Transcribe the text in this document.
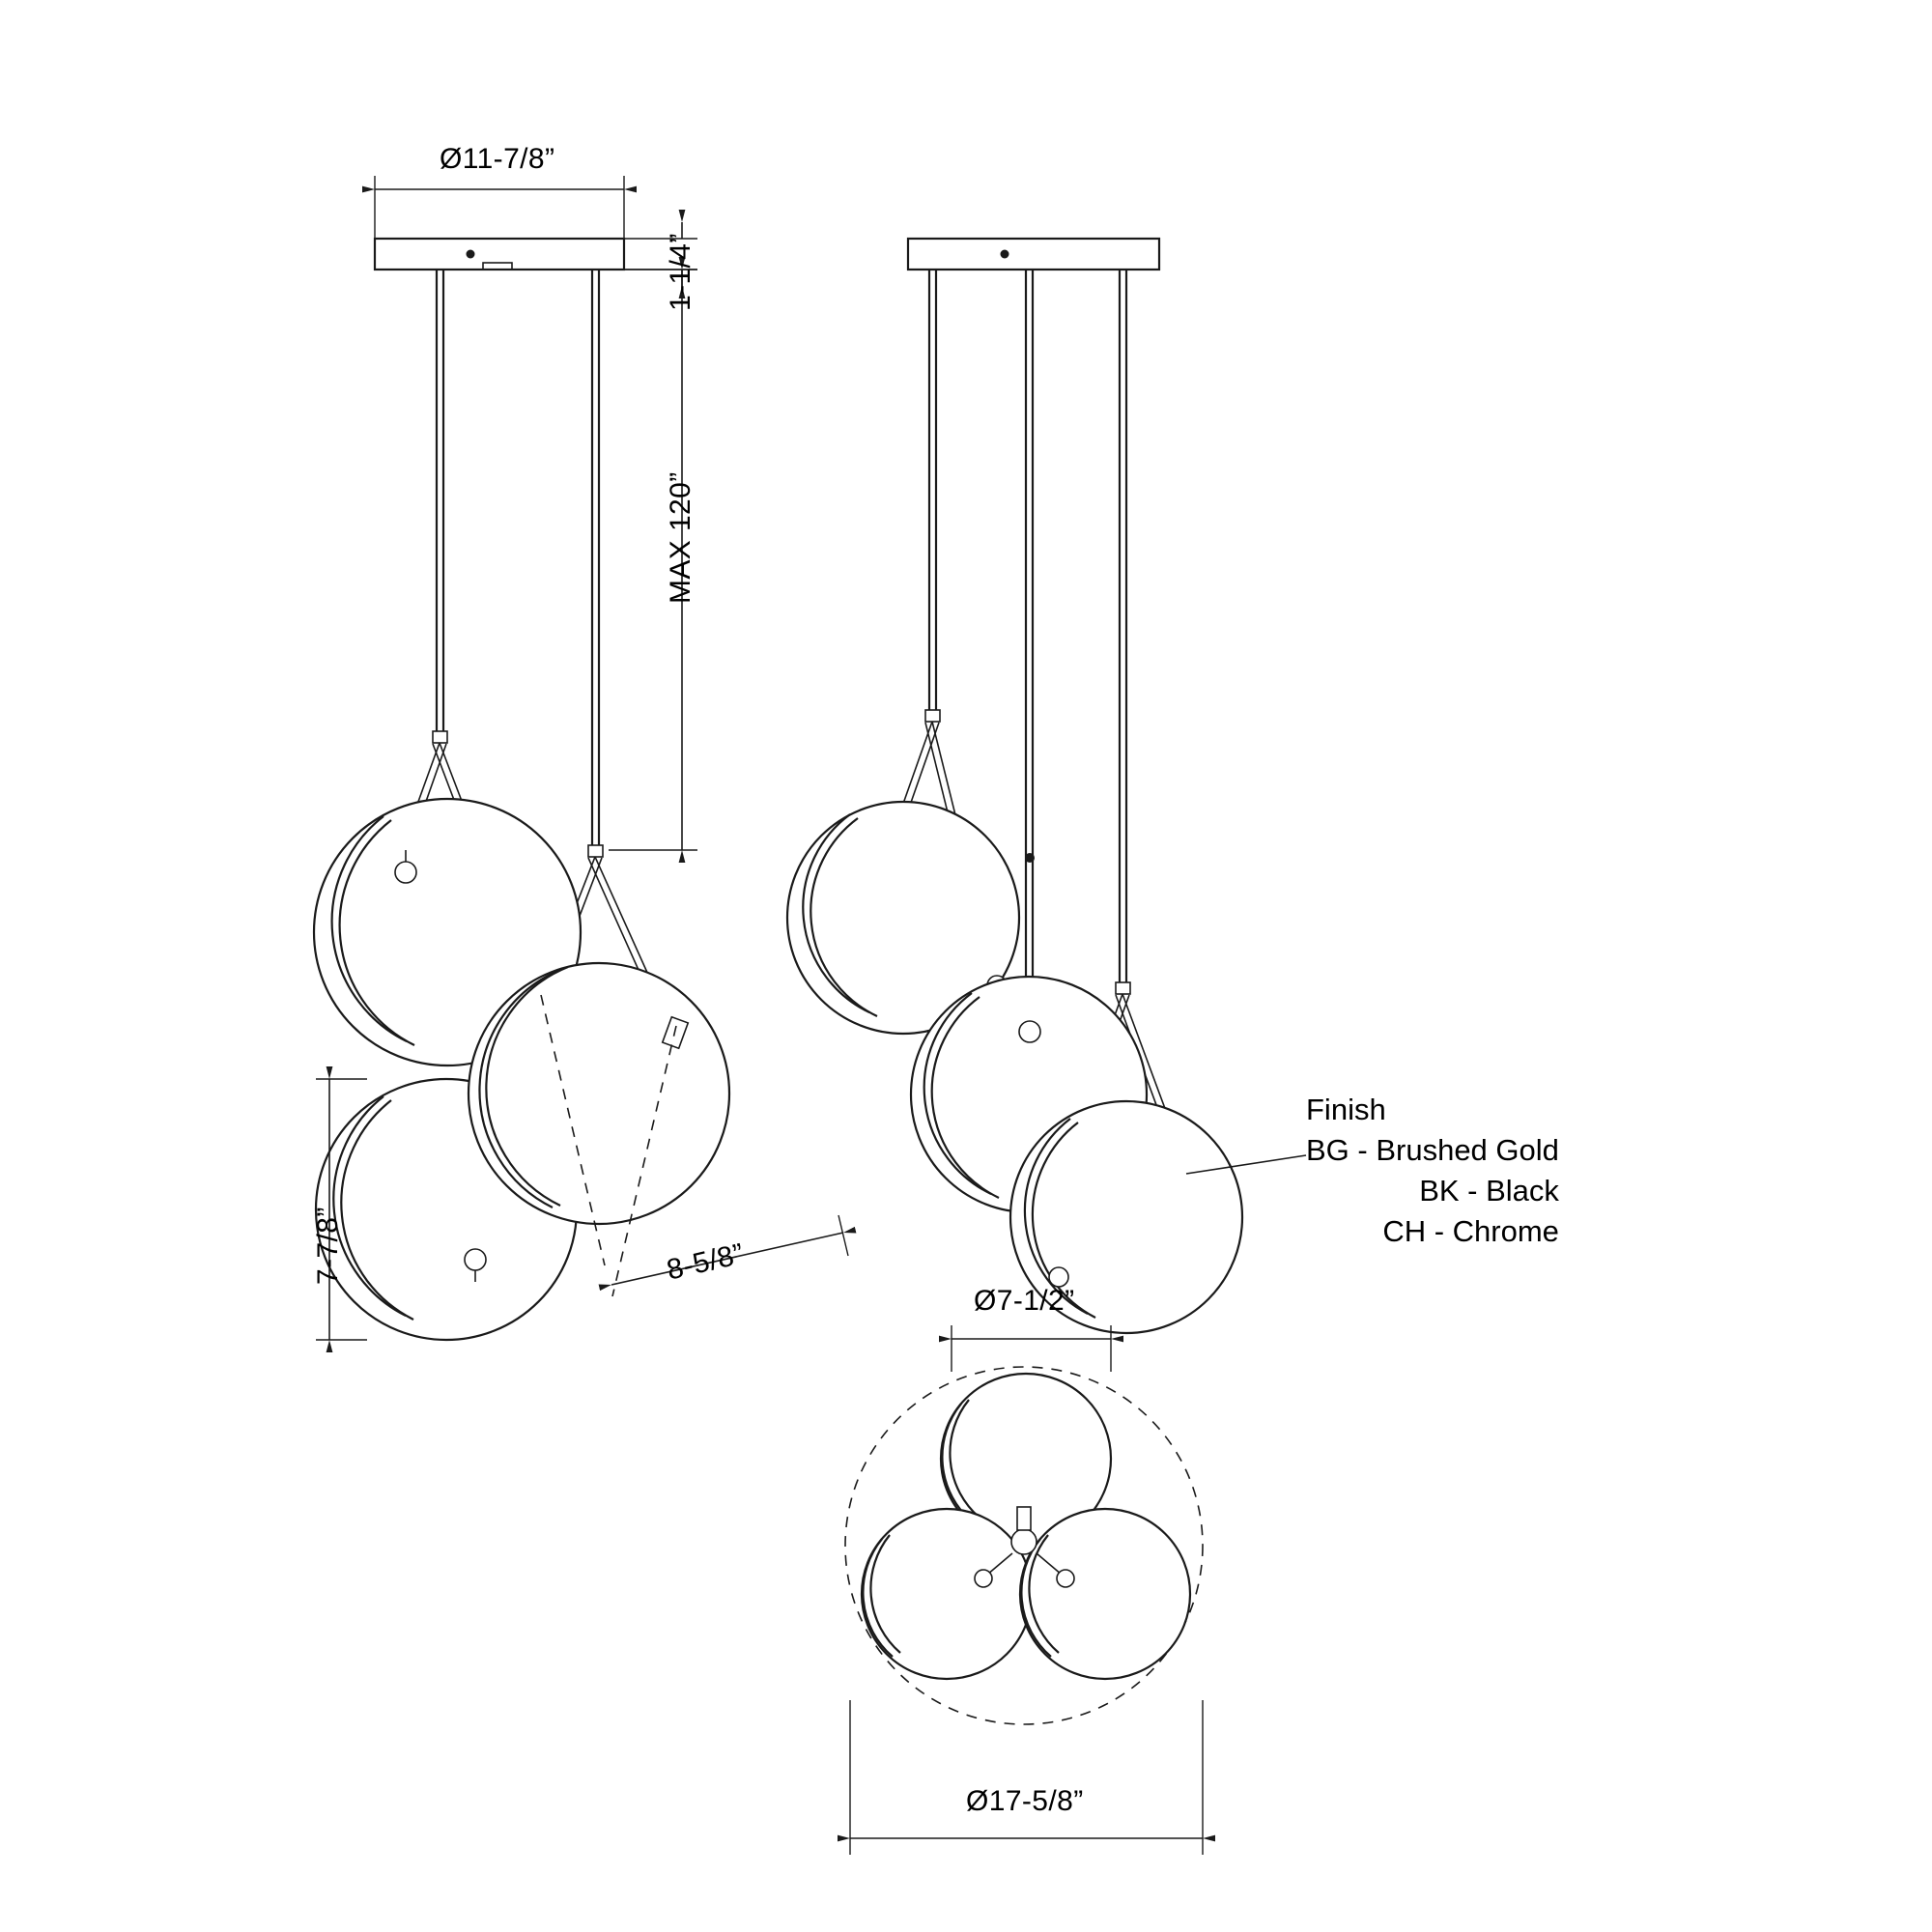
Ø11-7/8”
1-1/4”
MAX 120”
7-7/8”	8-5/8”
Ø7-1/2”
Ø17-5/8”
Finish
BG - Brushed Gold
BK - Black
CH - Chrome
